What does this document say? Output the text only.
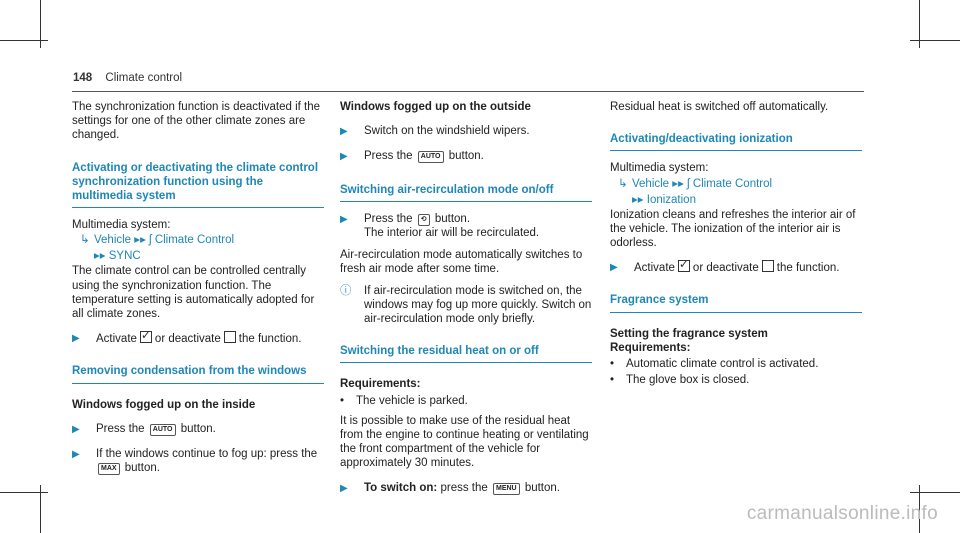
148 Climate control

The synchronization function is deactivated if the settings for one of the other climate zones are changed.

Activating or deactivating the climate control synchronization function using the multimedia system

Multimedia system:

↳ Vehicle ▸▸ ʃ Climate Control
▸▸ SYNC

The climate control can be controlled centrally using the synchronization function. The temperature setting is automatically adopted for all climate zones.

▶	Activate ✓ or deactivate the function.
Removing condensation from the windows
Windows fogged up on the inside
▶	Press the AUTO button.
▶	If the windows continue to fog up: press the
MAX button.
Windows fogged up on the outside
▶	Switch on the windshield wipers.
▶	Press the AUTO button.
Switching air-recirculation mode on/off
▶	Press the ⟲ button.
The interior air will be recirculated.

Air-recirculation mode automatically switches to fresh air mode after some time.

ⓘ	If air-recirculation mode is switched on, the windows may fog up more quickly. Switch on air-recirculation mode only briefly.
Switching the residual heat on or off
Requirements:
•	The vehicle is parked.

It is possible to make use of the residual heat from the engine to continue heating or ventilating the front compartment of the vehicle for approximately 30 minutes.

▶	To switch on: press the MENU button.

Residual heat is switched off automatically.

Activating/deactivating ionization

Multimedia system:

↳ Vehicle ▸▸ ʃ Climate Control
▸▸ Ionization

Ionization cleans and refreshes the interior air of the vehicle. The ionization of the interior air is odorless.

▶	Activate ✓ or deactivate the function.
Fragrance system
Setting the fragrance system
Requirements:
•	Automatic climate control is activated.
•	The glove box is closed.
carmanualsonline.info
